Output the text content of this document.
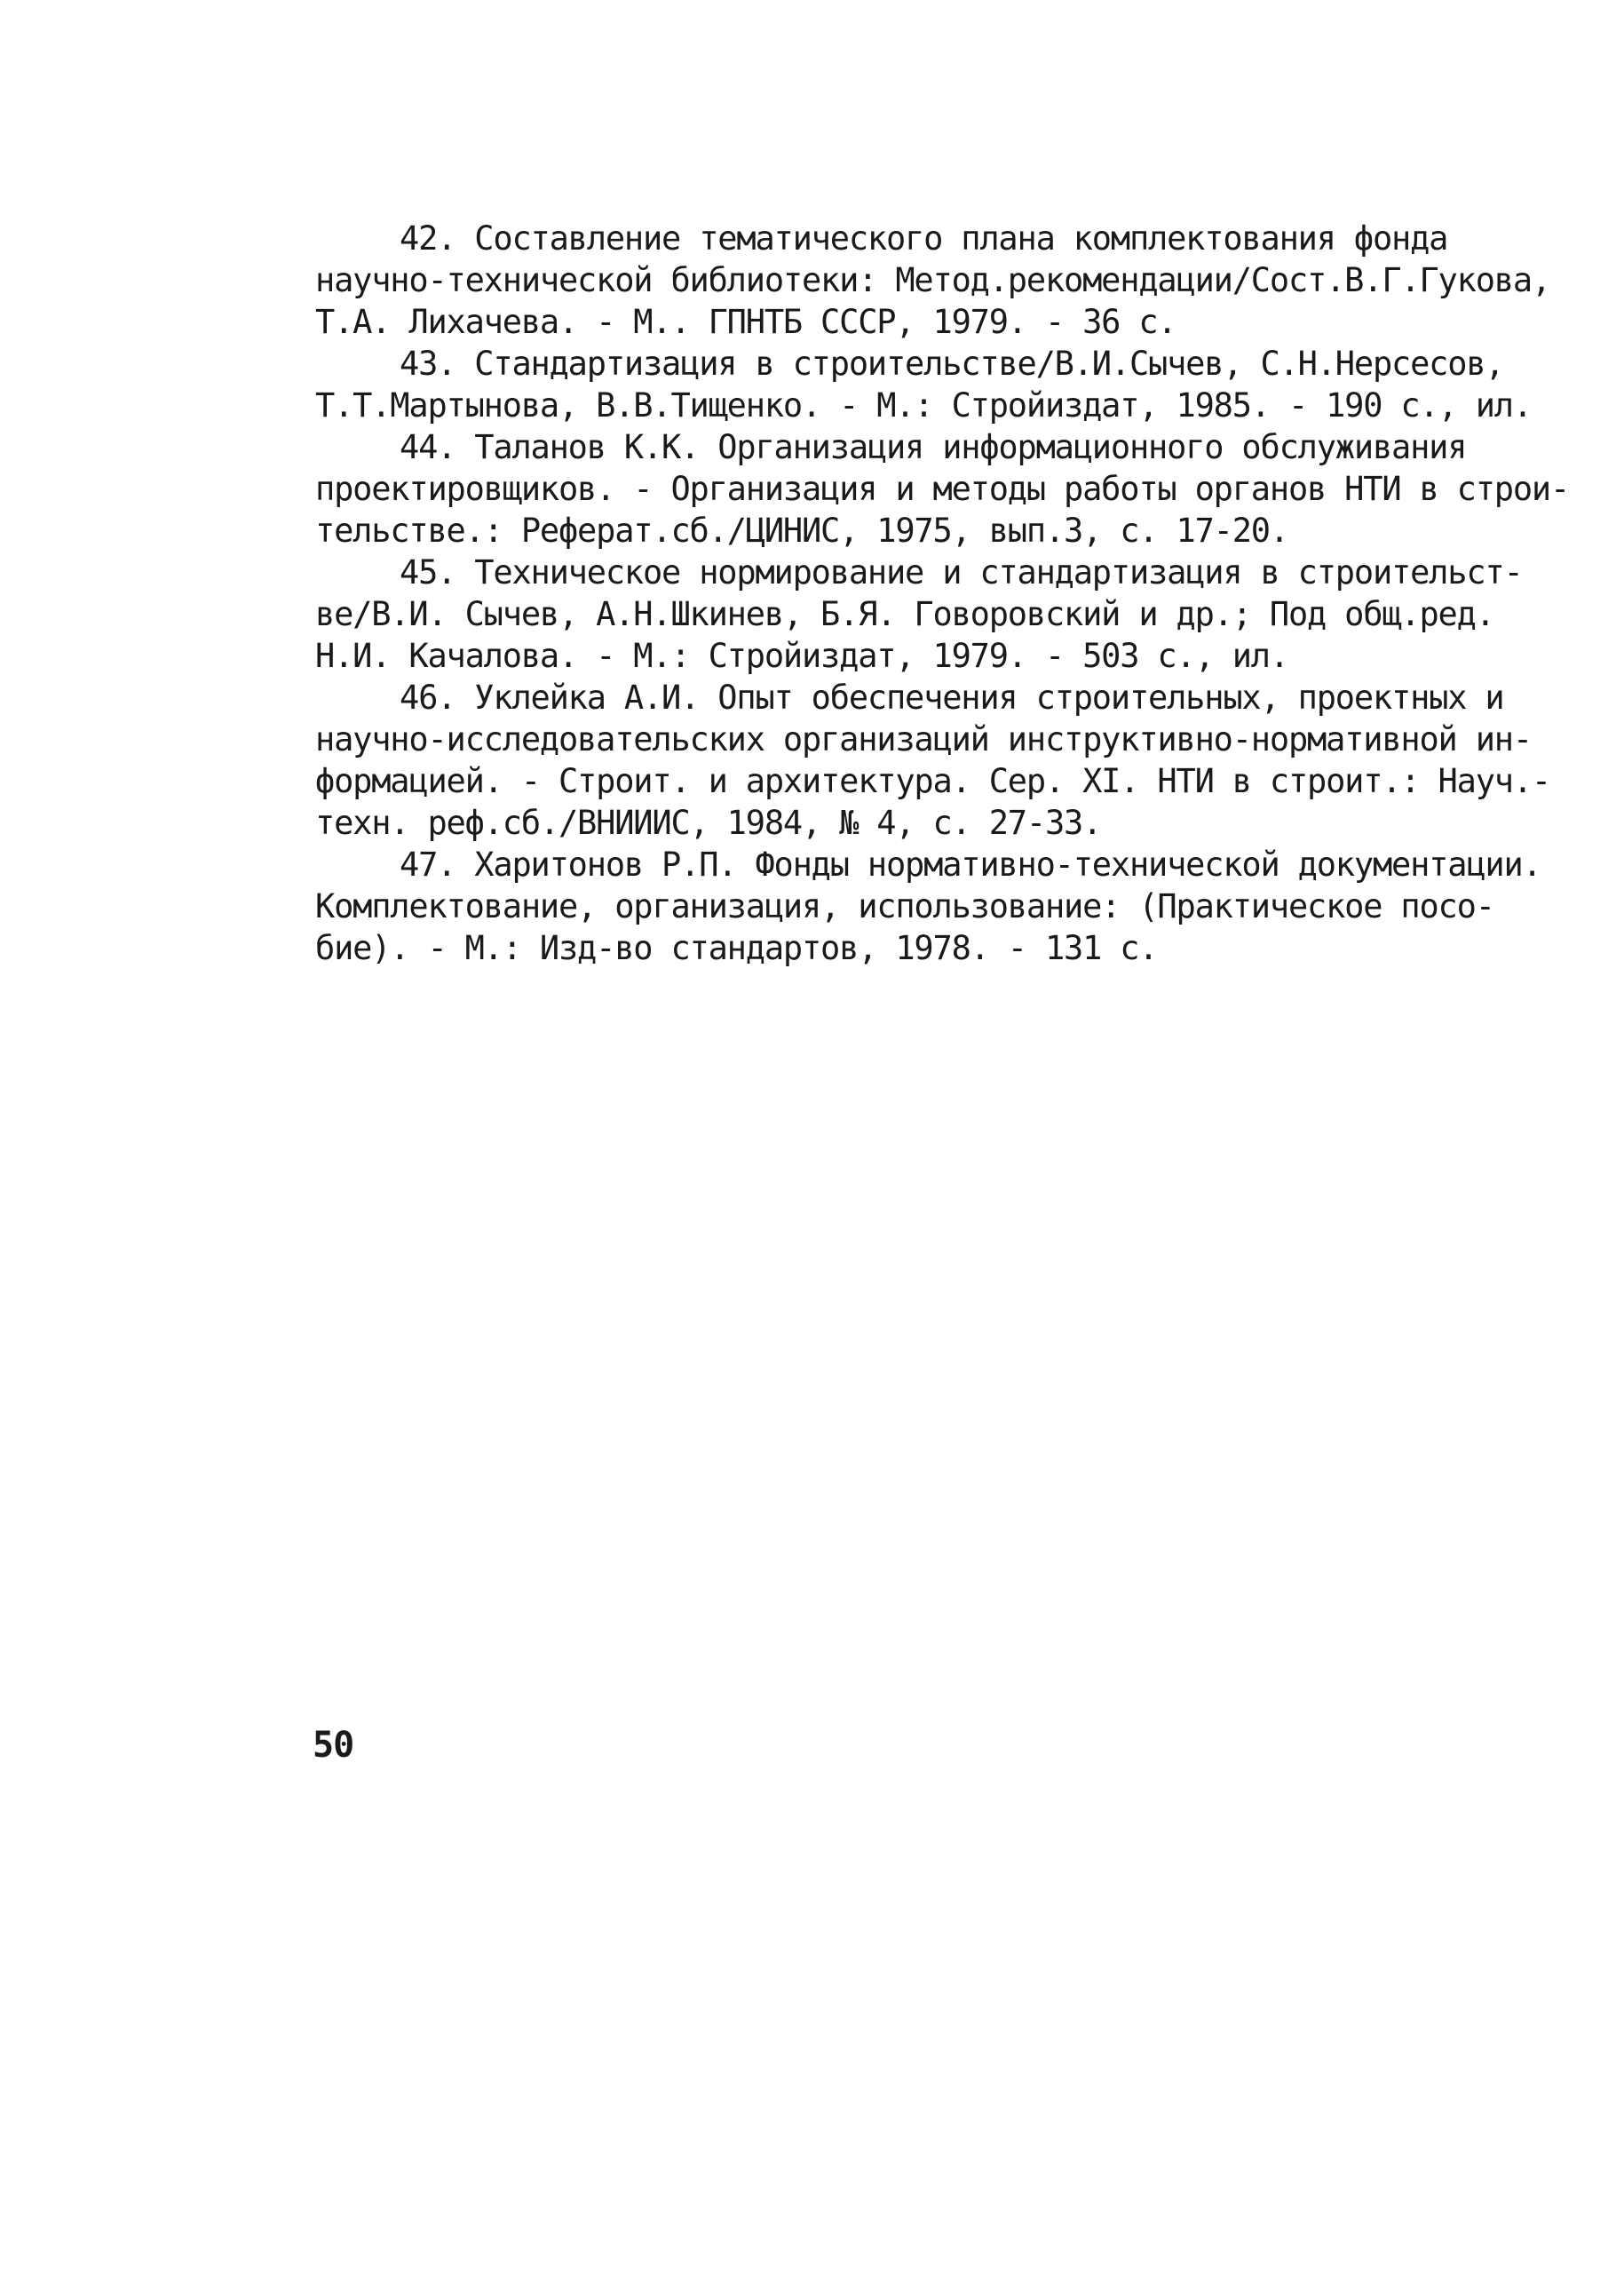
42. Составление тематического плана комплектования фонда
научно-технической библиотеки: Метод.рекомендации/Сост.В.Г.Гукова,
Т.А. Лихачева. - М.. ГПНТБ СССР, 1979. - 36 с.
43. Стандартизация в строительстве/В.И.Сычев, С.Н.Нерсесов,
Т.Т.Мартынова, В.В.Тищенко. - М.: Стройиздат, 1985. - 190 с., ил.
44. Таланов К.К. Организация информационного обслуживания
проектировщиков. - Организация и методы работы органов НТИ в строи-
тельстве.: Реферат.сб./ЦИНИС, 1975, вып.3, с. 17-20.
45. Техническое нормирование и стандартизация в строительст-
ве/В.И. Сычев, А.Н.Шкинев, Б.Я. Говоровский и др.; Под общ.ред.
Н.И. Качалова. - М.: Стройиздат, 1979. - 503 с., ил.
46. Уклейка А.И. Опыт обеспечения строительных, проектных и
научно-исследовательских организаций инструктивно-нормативной ин-
формацией. - Строит. и архитектура. Сер. XI. НТИ в строит.: Науч.-
техн. реф.сб./ВНИИИС, 1984, № 4, с. 27-33.
47. Харитонов Р.П. Фонды нормативно-технической документации.
Комплектование, организация, использование: (Практическое посо-
бие). - М.: Изд-во стандартов, 1978. - 131 с.
50
